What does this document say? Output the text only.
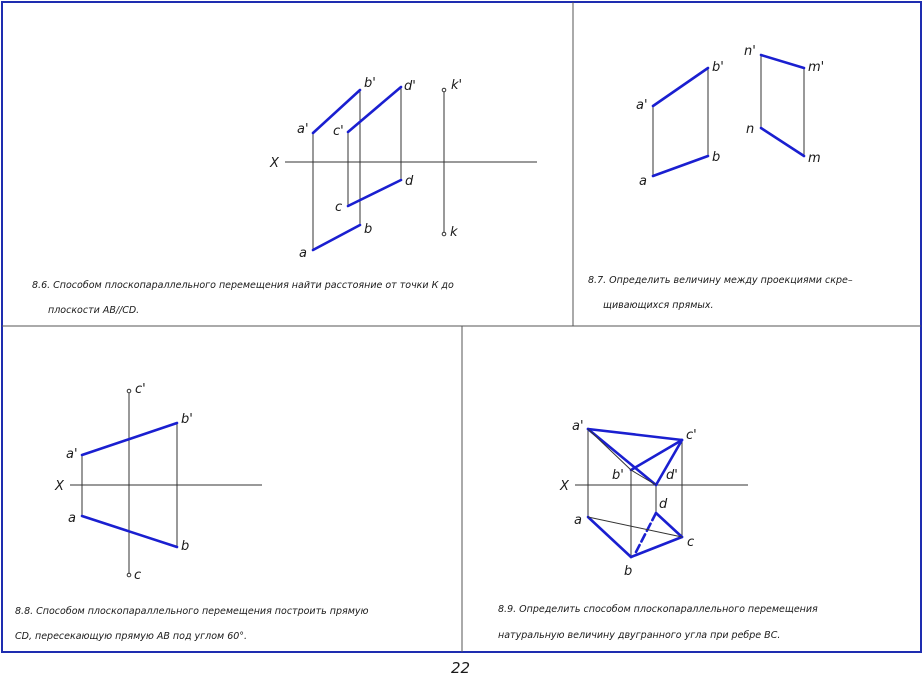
X
a'
b'
c'
d'	k'
a
b
c
d
k
8.6. Способом плоскопараллельного перемещения найти расстояние от точки К до
плоскости АВ//CD.
a'
b'
a
b
n'
m'
n
m
8.7. Определить величину между проекциями скре–
щивающихся прямых.
X
c'
b'
a'
a
b
c
8.8. Способом плоскопараллельного перемещения построить прямую
CD, пересекающую прямую АВ под углом 60°.
X
a'
c'
b'	d'
d
a
c
b
8.9. Определить способом плоскопараллельного перемещения
натуральную величину двугранного угла при ребре ВС.
22
